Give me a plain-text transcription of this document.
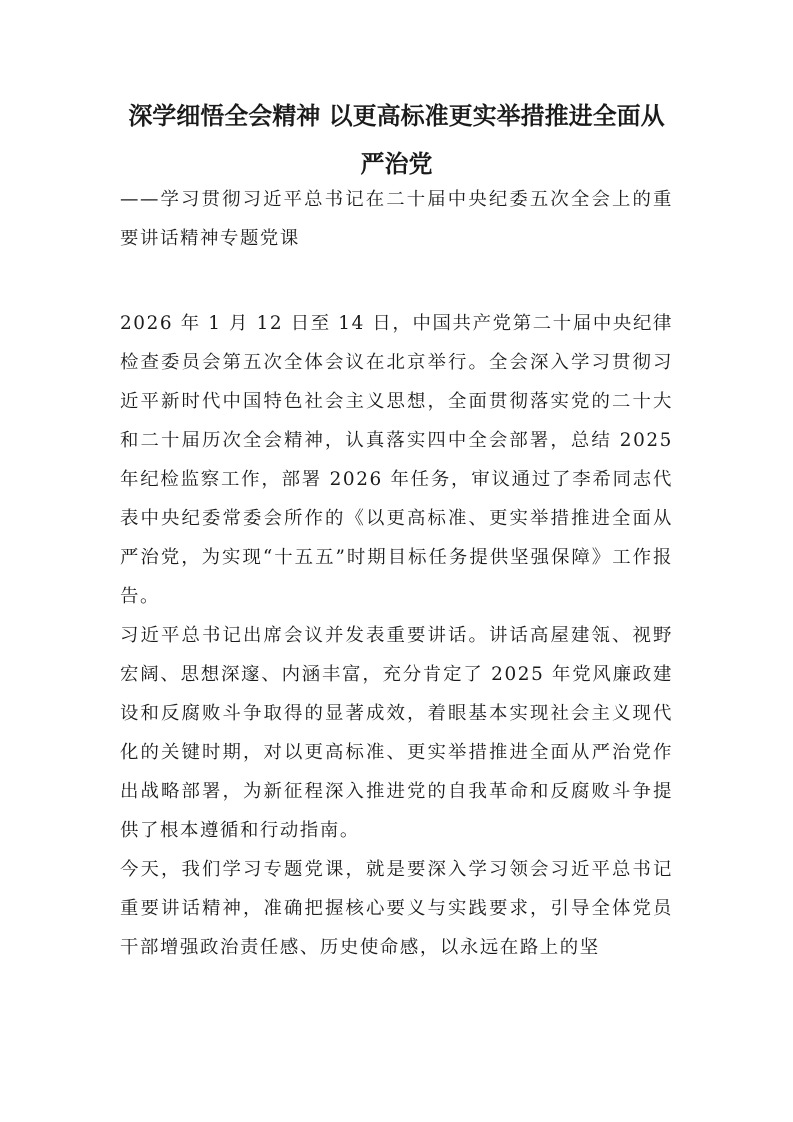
深学细悟全会精神 以更高标准更实举措推进全面从严治党

——学习贯彻习近平总书记在二十届中央纪委五次全会上的重要讲话精神专题党课

2026 年 1 月 12 日至 14 日，中国共产党第二十届中央纪律检查委员会第五次全体会议在北京举行。全会深入学习贯彻习近平新时代中国特色社会主义思想，全面贯彻落实党的二十大和二十届历次全会精神，认真落实四中全会部署，总结 2025 年纪检监察工作，部署 2026 年任务，审议通过了李希同志代表中央纪委常委会所作的《以更高标准、更实举措推进全面从严治党，为实现“十五五”时期目标任务提供坚强保障》工作报告。

习近平总书记出席会议并发表重要讲话。讲话高屋建瓴、视野宏阔、思想深邃、内涵丰富，充分肯定了 2025 年党风廉政建设和反腐败斗争取得的显著成效，着眼基本实现社会主义现代化的关键时期，对以更高标准、更实举措推进全面从严治党作出战略部署，为新征程深入推进党的自我革命和反腐败斗争提供了根本遵循和行动指南。

今天，我们学习专题党课，就是要深入学习领会习近平总书记重要讲话精神，准确把握核心要义与实践要求，引导全体党员干部增强政治责任感、历史使命感，以永远在路上的坚
